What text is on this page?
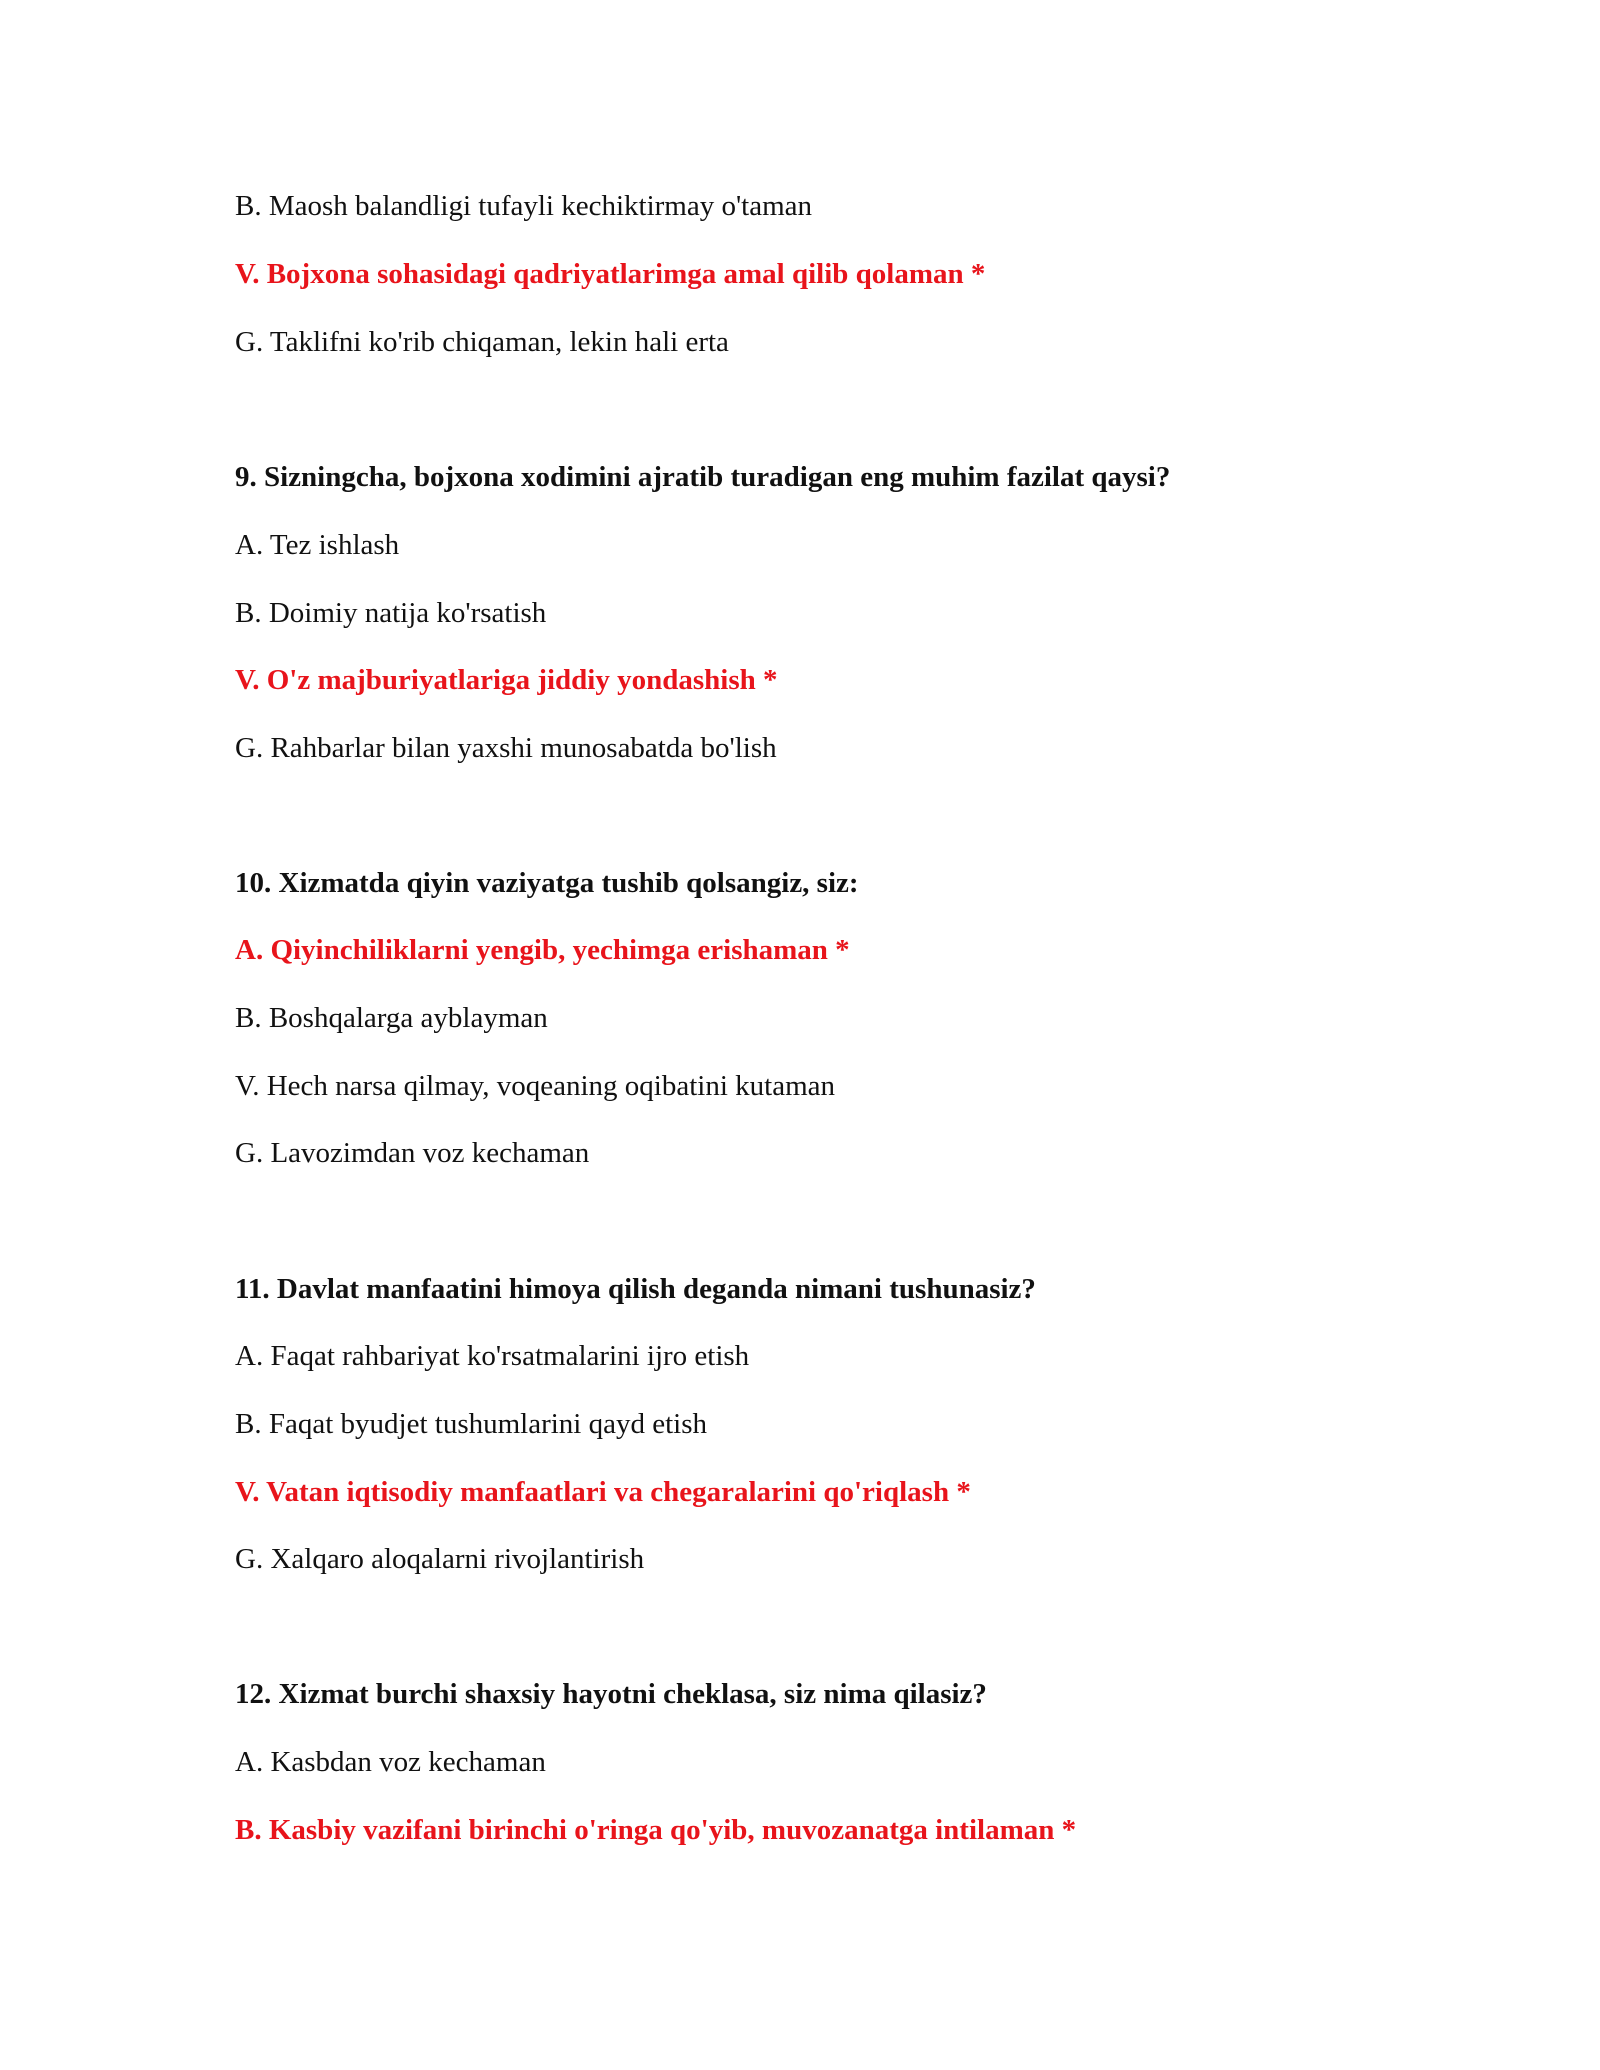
B. Maosh balandligi tufayli kechiktirmay o'taman
V. Bojxona sohasidagi qadriyatlarimga amal qilib qolaman *
G. Taklifni ko'rib chiqaman, lekin hali erta
9. Sizningcha, bojxona xodimini ajratib turadigan eng muhim fazilat qaysi?
A. Tez ishlash
B. Doimiy natija ko'rsatish
V. O'z majburiyatlariga jiddiy yondashish *
G. Rahbarlar bilan yaxshi munosabatda bo'lish
10. Xizmatda qiyin vaziyatga tushib qolsangiz, siz:
A. Qiyinchiliklarni yengib, yechimga erishaman *
B. Boshqalarga ayblayman
V. Hech narsa qilmay, voqeaning oqibatini kutaman
G. Lavozimdan voz kechaman
11. Davlat manfaatini himoya qilish deganda nimani tushunasiz?
A. Faqat rahbariyat ko'rsatmalarini ijro etish
B. Faqat byudjet tushumlarini qayd etish
V. Vatan iqtisodiy manfaatlari va chegaralarini qo'riqlash *
G. Xalqaro aloqalarni rivojlantirish
12. Xizmat burchi shaxsiy hayotni cheklasa, siz nima qilasiz?
A. Kasbdan voz kechaman
B. Kasbiy vazifani birinchi o'ringa qo'yib, muvozanatga intilaman *
